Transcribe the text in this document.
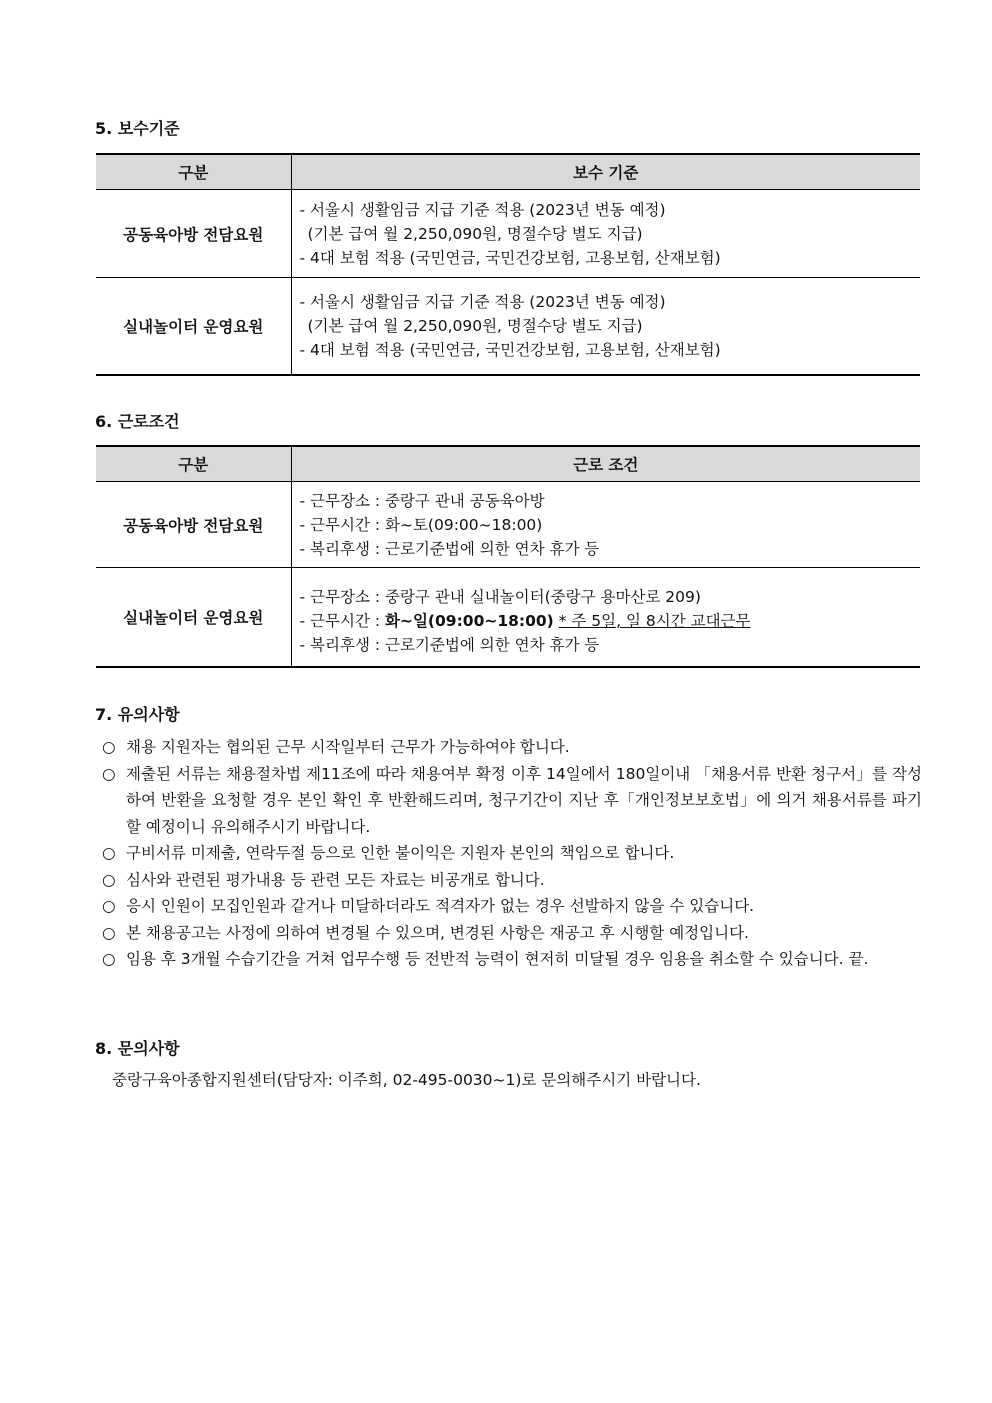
5. 보수기준
구분	보수 기준
공동육아방 전담요원	- 서울시 생활임금 지급 기준 적용 (2023년 변동 예정)
(기본 급여 월 2,250,090원, 명절수당 별도 지급)
- 4대 보험 적용 (국민연금, 국민건강보험, 고용보험, 산재보험)

실내놀이터 운영요원	- 서울시 생활임금 지급 기준 적용 (2023년 변동 예정)
(기본 급여 월 2,250,090원, 명절수당 별도 지급)
- 4대 보험 적용 (국민연금, 국민건강보험, 고용보험, 산재보험)
6. 근로조건
구분	근로 조건
공동육아방 전담요원	- 근무장소 : 중랑구 관내 공동육아방
- 근무시간 : 화~토(09:00~18:00)
- 복리후생 : 근로기준법에 의한 연차 휴가 등

실내놀이터 운영요원	- 근무장소 : 중랑구 관내 실내놀이터(중랑구 용마산로 209)
- 근무시간 : 화~일(09:00~18:00) * 주 5일, 일 8시간 교대근무
- 복리후생 : 근로기준법에 의한 연차 휴가 등
7. 유의사항
○ 채용 지원자는 협의된 근무 시작일부터 근무가 가능하여야 합니다.
○ 제출된 서류는 채용절차법 제11조에 따라 채용여부 확정 이후 14일에서 180일이내 「채용서류 반환 청구서」를 작성하여 반환을 요청할 경우 본인 확인 후 반환해드리며, 청구기간이 지난 후「개인정보보호법」에 의거 채용서류를 파기 할 예정이니 유의해주시기 바랍니다.
○ 구비서류 미제출, 연락두절 등으로 인한 불이익은 지원자 본인의 책임으로 합니다.
○ 심사와 관련된 평가내용 등 관련 모든 자료는 비공개로 합니다.
○ 응시 인원이 모집인원과 같거나 미달하더라도 적격자가 없는 경우 선발하지 않을 수 있습니다.
○ 본 채용공고는 사정에 의하여 변경될 수 있으며, 변경된 사항은 재공고 후 시행할 예정입니다.
○ 임용 후 3개월 수습기간을 거쳐 업무수행 등 전반적 능력이 현저히 미달될 경우 임용을 취소할 수 있습니다. 끝.
8. 문의사항
중랑구육아종합지원센터(담당자: 이주희, 02-495-0030~1)로 문의해주시기 바랍니다.
